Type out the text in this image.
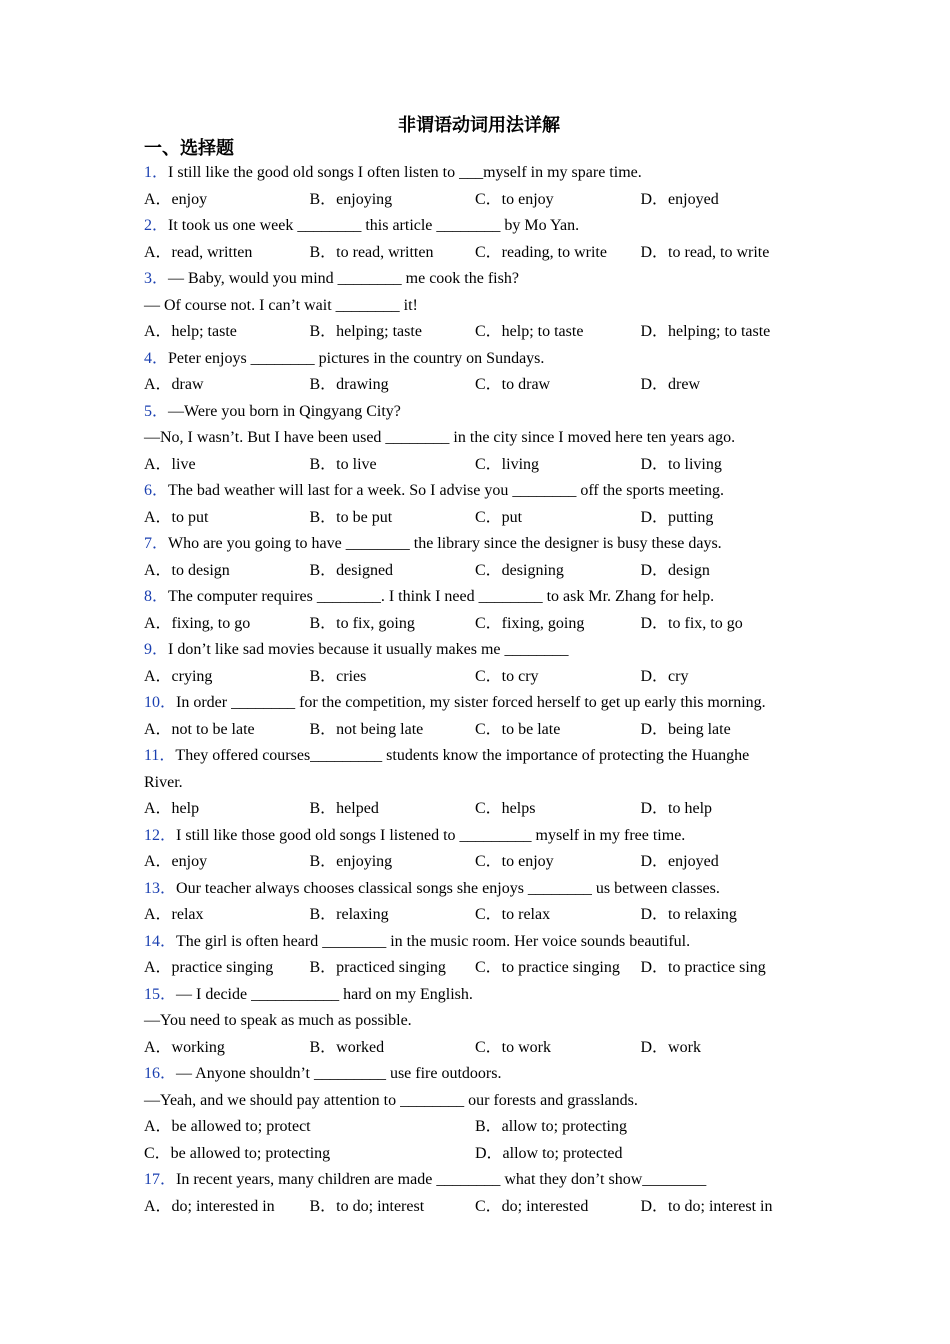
非谓语动词用法详解
一、选择题
1．I still like the good old songs I often listen to ___myself in my spare time.
A．enjoy	B．enjoying	C．to enjoy	D．enjoyed
2．It took us one week ________ this article ________ by Mo Yan.
A．read, written	B．to read, written	C．reading, to write	D．to read, to write
3．— Baby, would you mind ________ me cook the fish?
— Of course not. I can’t wait ________ it!
A．help; taste	B．helping; taste	C．help; to taste	D．helping; to taste
4．Peter enjoys ________ pictures in the country on Sundays.
A．draw	B．drawing	C．to draw	D．drew
5．—Were you born in Qingyang City?
—No, I wasn’t. But I have been used ________ in the city since I moved here ten years ago.
A．live	B．to live	C．living	D．to living
6．The bad weather will last for a week. So I advise you ________ off the sports meeting.
A．to put	B．to be put	C．put	D．putting
7．Who are you going to have ________ the library since the designer is busy these days.
A．to design	B．designed	C．designing	D．design
8．The computer requires ________. I think I need ________ to ask Mr. Zhang for help.
A．fixing, to go	B．to fix, going	C．fixing, going	D．to fix, to go
9．I don’t like sad movies because it usually makes me ________
A．crying	B．cries	C．to cry	D．cry
10．In order ________ for the competition, my sister forced herself to get up early this morning.
A．not to be late	B．not being late	C．to be late	D．being late
11．They offered courses_________ students know the importance of protecting the Huanghe
River.
A．help	B．helped	C．helps	D．to help
12．I still like those good old songs I listened to _________ myself in my free time.
A．enjoy	B．enjoying	C．to enjoy	D．enjoyed
13．Our teacher always chooses classical songs she enjoys ________ us between classes.
A．relax	B．relaxing	C．to relax	D．to relaxing
14．The girl is often heard ________ in the music room. Her voice sounds beautiful.
A．practice singing	B．practiced singing	C．to practice singing	D．to practice sing
15．— I decide ___________ hard on my English.
—You need to speak as much as possible.
A．working	B．worked	C．to work	D．work
16．— Anyone shouldn’t _________ use fire outdoors.
—Yeah, and we should pay attention to ________ our forests and grasslands.
A．be allowed to; protect	B．allow to; protecting
C．be allowed to; protecting	D．allow to; protected
17．In recent years, many children are made ________ what they don’t show________
A．do; interested in	B．to do; interest	C．do; interested	D．to do; interest in
